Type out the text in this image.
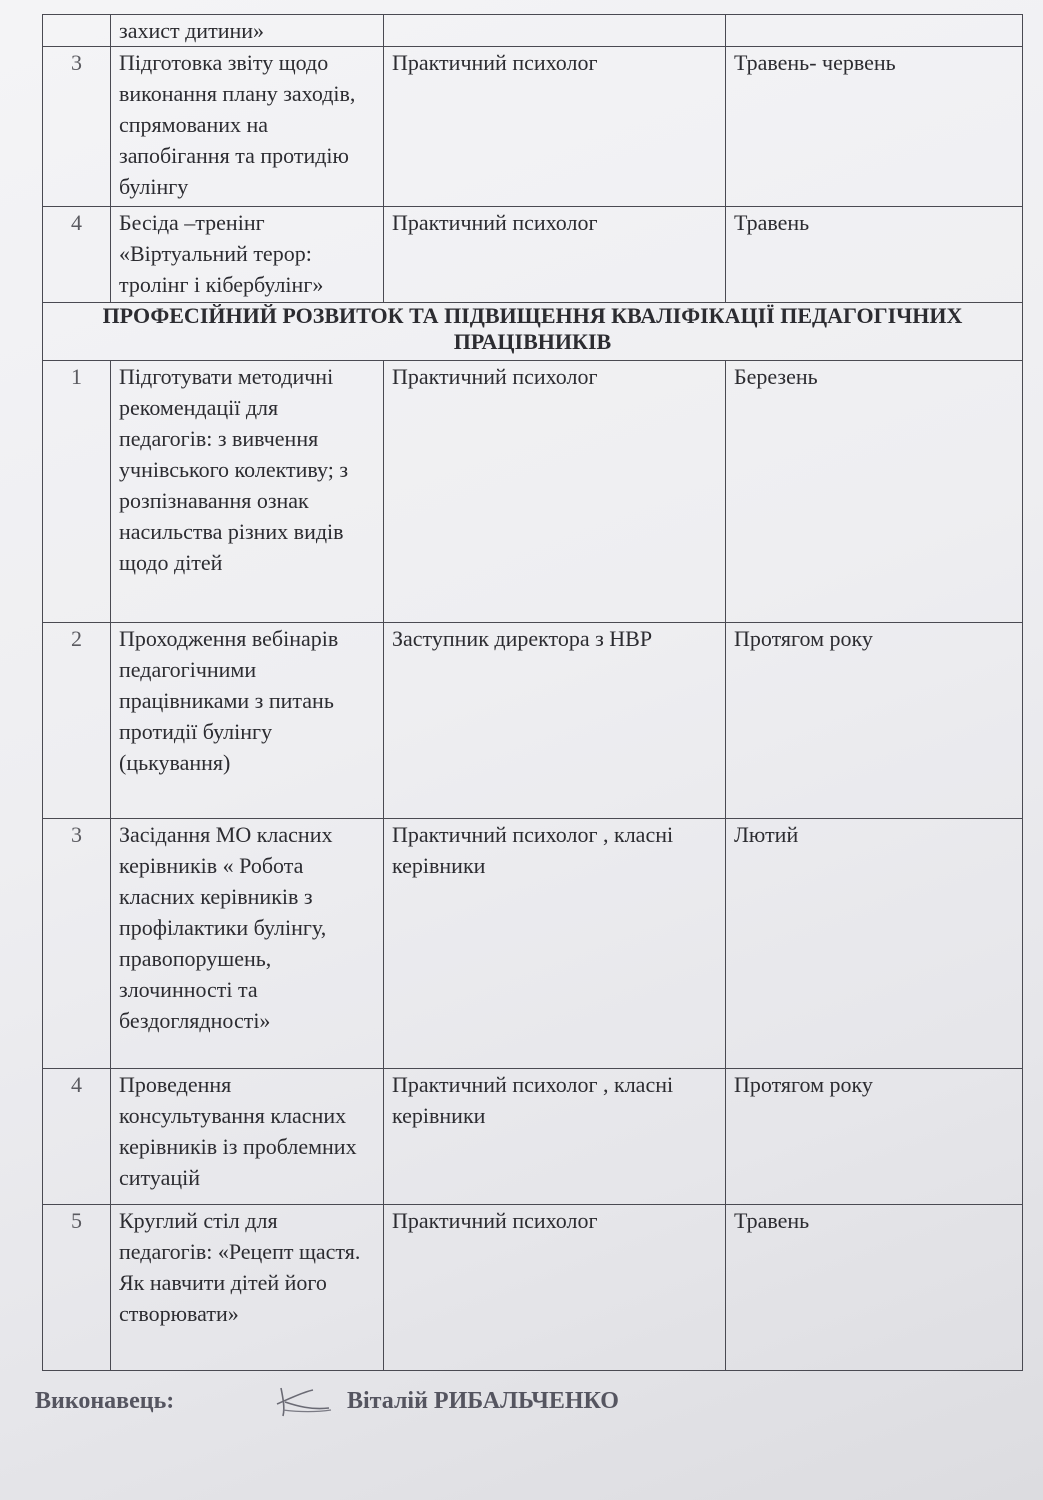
	захист дитини»		
3	Підготовка звіту щодо виконання плану заходів, спрямованих на запобігання та протидію булінгу	Практичний психолог	Травень- червень
4	Бесіда –тренінг «Віртуальний терор: тролінг і кібербулінг»	Практичний психолог	Травень
ПРОФЕСІЙНИЙ РОЗВИТОК ТА ПІДВИЩЕННЯ КВАЛІФІКАЦІЇ ПЕДАГОГІЧНИХ ПРАЦІВНИКІВ			
1	Підготувати методичні рекомендації для педагогів: з вивчення учнівського колективу; з розпізнавання ознак насильства різних видів щодо дітей	Практичний психолог	Березень
2	Проходження вебінарів педагогічними працівниками з питань протидії булінгу (цькування)	Заступник директора з НВР	Протягом року
3	Засідання МО класних керівників « Робота класних керівників з профілактики булінгу, правопорушень, злочинності та бездоглядності»	Практичний психолог , класні керівники	Лютий
4	Проведення консультування класних керівників із проблемних ситуацій	Практичний психолог , класні керівники	Протягом року
5	Круглий стіл для педагогів: «Рецепт щастя. Як навчити дітей його створювати»	Практичний психолог	Травень
Виконавець:	Віталій РИБАЛЬЧЕНКО
